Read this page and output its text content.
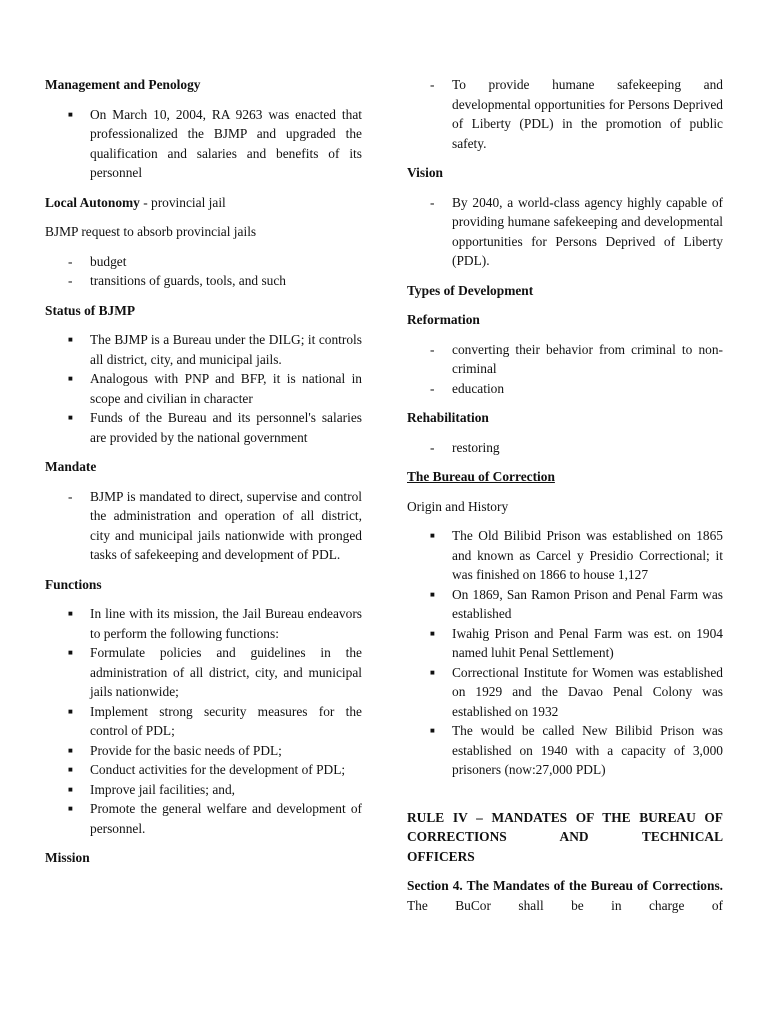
Management and Penology

■ On March 10, 2004, RA 9263 was enacted that professionalized the BJMP and upgraded the qualification and salaries and benefits of its personnel

Local Autonomy - provincial jail

BJMP request to absorb provincial jails

- budget
- transitions of guards, tools, and such

Status of BJMP

■ The BJMP is a Bureau under the DILG; it controls all district, city, and municipal jails.
■ Analogous with PNP and BFP, it is national in scope and civilian in character
■ Funds of the Bureau and its personnel's salaries are provided by the national government

Mandate

- BJMP is mandated to direct, supervise and control the administration and operation of all district, city and municipal jails nationwide with pronged tasks of safekeeping and development of PDL.

Functions

■ In line with its mission, the Jail Bureau endeavors to perform the following functions:
■ Formulate policies and guidelines in the administration of all district, city, and municipal jails nationwide;
■ Implement strong security measures for the control of PDL;
■ Provide for the basic needs of PDL;
■ Conduct activities for the development of PDL;
■ Improve jail facilities; and,
■ Promote the general welfare and development of personnel.

Mission

- To provide humane safekeeping and developmental opportunities for Persons Deprived of Liberty (PDL) in the promotion of public safety.

Vision

- By 2040, a world-class agency highly capable of providing humane safekeeping and developmental opportunities for Persons Deprived of Liberty (PDL).

Types of Development

Reformation

- converting their behavior from criminal to non-criminal
- education

Rehabilitation

- restoring

The Bureau of Correction

Origin and History

■ The Old Bilibid Prison was established on 1865 and known as Carcel y Presidio Correctional; it was finished on 1866 to house 1,127
■ On 1869, San Ramon Prison and Penal Farm was established
■ Iwahig Prison and Penal Farm was est. on 1904 named luhit Penal Settlement)
■ Correctional Institute for Women was established on 1929 and the Davao Penal Colony was established on 1932
■ The would be called New Bilibid Prison was established on 1940 with a capacity of 3,000 prisoners (now:27,000 PDL)

RULE IV – MANDATES OF THE BUREAU OF

CORRECTIONS AND TECHNICAL

OFFICERS

Section 4. The Mandates of the Bureau of Corrections. The BuCor shall be in charge of
